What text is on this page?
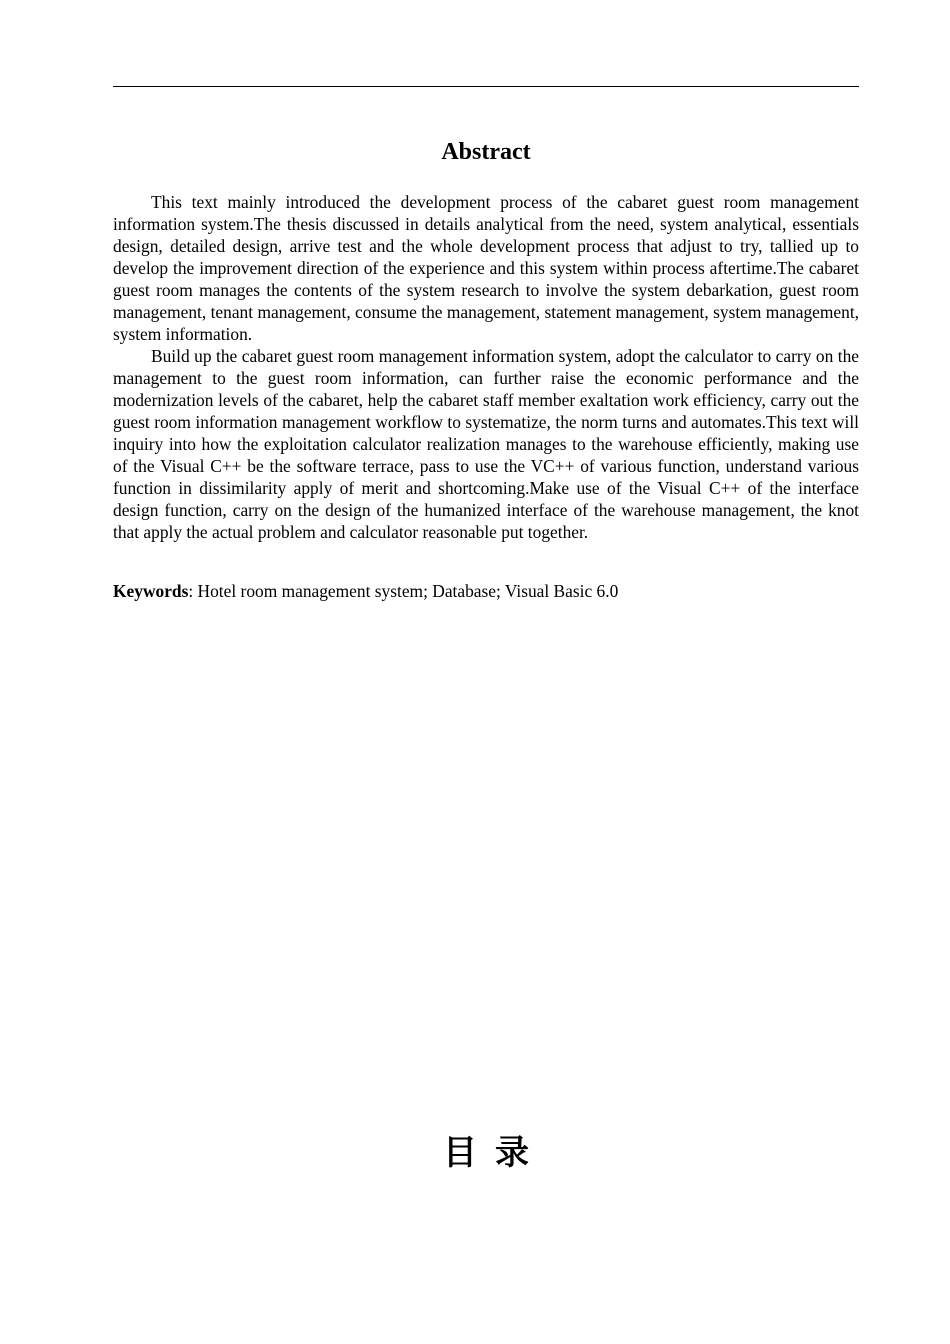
Abstract

This text mainly introduced the development process of the cabaret guest room management information system.The thesis discussed in details analytical from the need, system analytical, essentials design, detailed design, arrive test and the whole development process that adjust to try, tallied up to develop the improvement direction of the experience and this system within process aftertime.The cabaret guest room manages the contents of the system research to involve the system debarkation, guest room management, tenant management, consume the management, statement management, system management, system information.

Build up the cabaret guest room management information system, adopt the calculator to carry on the management to the guest room information, can further raise the economic performance and the modernization levels of the cabaret, help the cabaret staff member exaltation work efficiency, carry out the guest room information management workflow to systematize, the norm turns and automates.This text will inquiry into how the exploitation calculator realization manages to the warehouse efficiently, making use of the Visual C++ be the software terrace, pass to use the VC++ of various function, understand various function in dissimilarity apply of merit and shortcoming.Make use of the Visual C++ of the interface design function, carry on the design of the humanized interface of the warehouse management, the knot that apply the actual problem and calculator reasonable put together.

Keywords: Hotel room management system; Database; Visual Basic 6.0

目录
